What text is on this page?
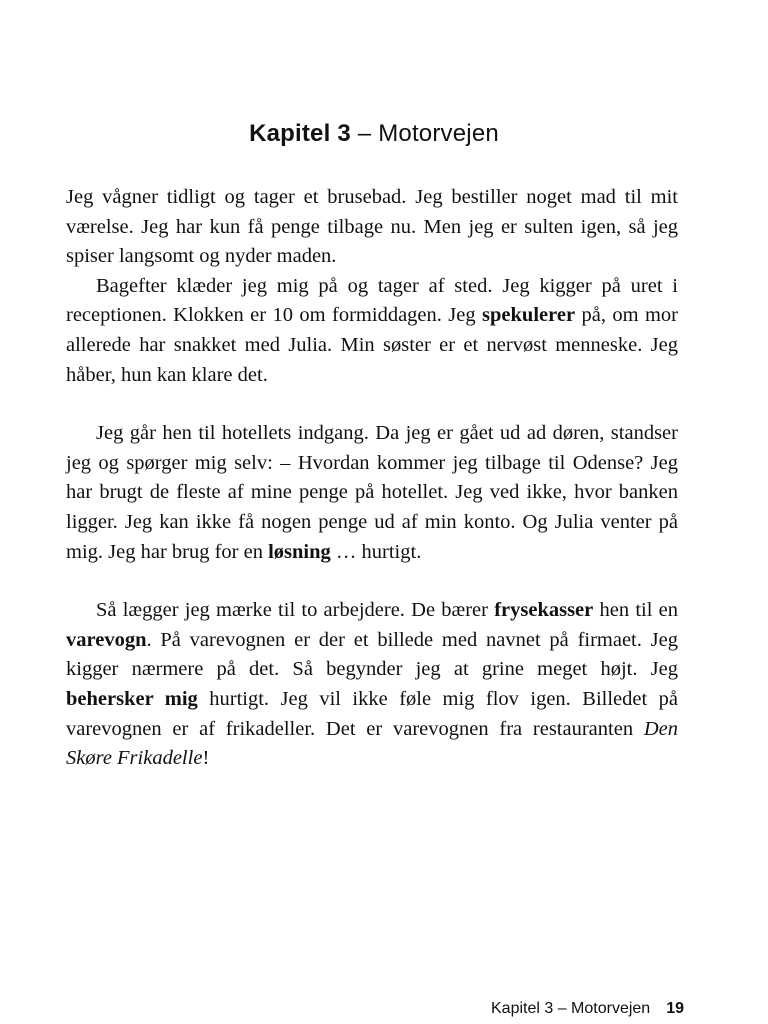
Kapitel 3 – Motorvejen

Jeg vågner tidligt og tager et brusebad. Jeg bestiller noget mad til mit værelse. Jeg har kun få penge tilbage nu. Men jeg er sulten igen, så jeg spiser langsomt og nyder maden.

Bagefter klæder jeg mig på og tager af sted. Jeg kigger på uret i receptionen. Klokken er 10 om formiddagen. Jeg spekulerer på, om mor allerede har snakket med Julia. Min søster er et nervøst menneske. Jeg håber, hun kan klare det.

Jeg går hen til hotellets indgang. Da jeg er gået ud ad døren, standser jeg og spørger mig selv: – Hvordan kommer jeg tilbage til Odense? Jeg har brugt de fleste af mine penge på hotellet. Jeg ved ikke, hvor banken ligger. Jeg kan ikke få nogen penge ud af min konto. Og Julia venter på mig. Jeg har brug for en løsning … hurtigt.

Så lægger jeg mærke til to arbejdere. De bærer frysekasser hen til en varevogn. På varevognen er der et billede med navnet på firmaet. Jeg kigger nærmere på det. Så begynder jeg at grine meget højt. Jeg behersker mig hurtigt. Jeg vil ikke føle mig flov igen. Billedet på varevognen er af frikadeller. Det er varevognen fra restauranten Den Skøre Frikadelle!

Kapitel 3 – Motorvejen 19
